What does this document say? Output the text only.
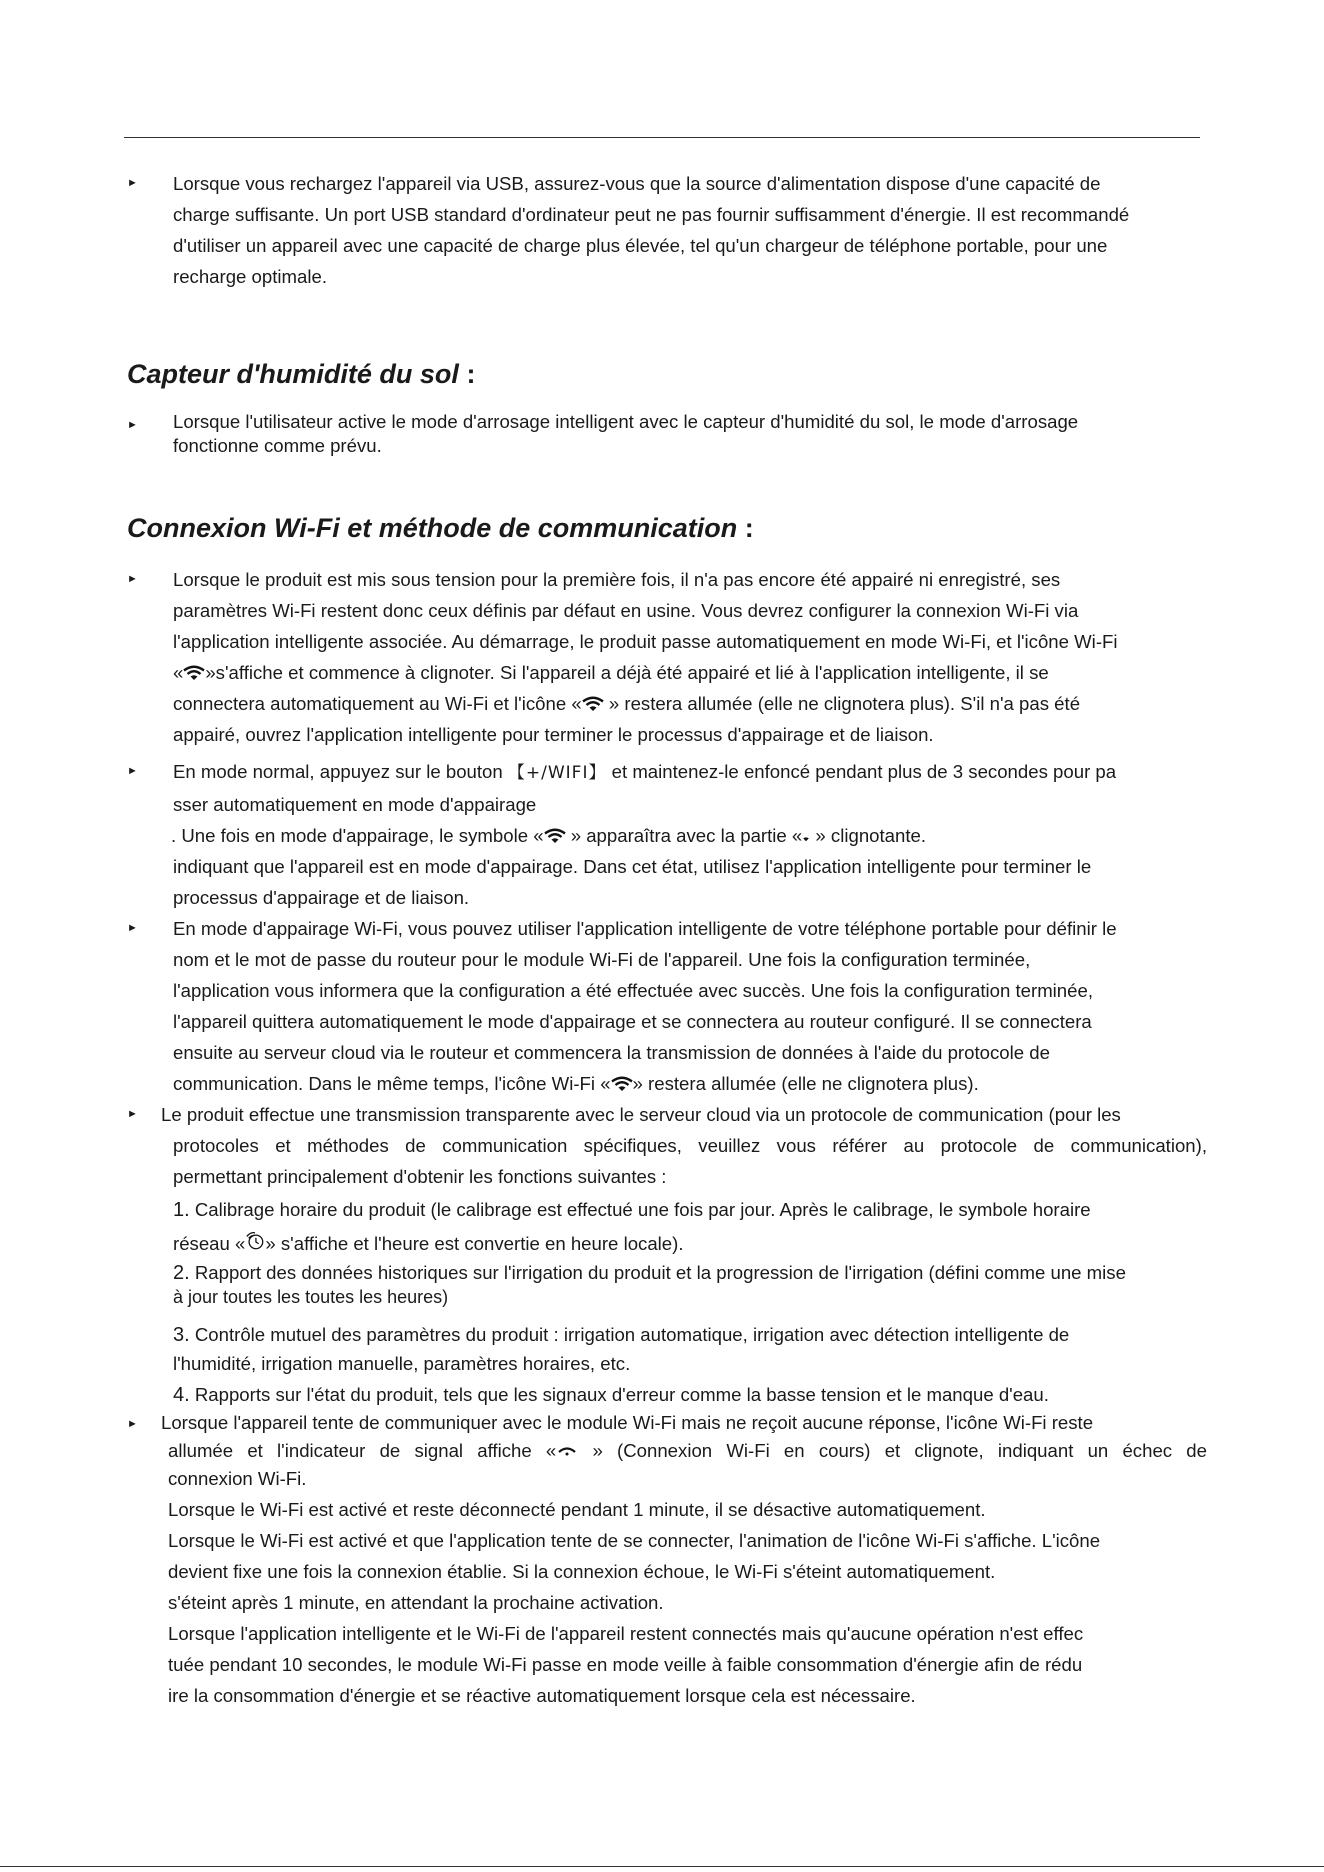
► Lorsque vous rechargez l'appareil via USB, assurez-vous que la source d'alimentation dispose d'une capacité de

charge suffisante. Un port USB standard d'ordinateur peut ne pas fournir suffisamment d'énergie. Il est recommandé

d'utiliser un appareil avec une capacité de charge plus élevée, tel qu'un chargeur de téléphone portable, pour une

recharge optimale.

Capteur d'humidité du sol :
► Lorsque l'utilisateur active le mode d'arrosage intelligent avec le capteur d'humidité du sol, le mode d'arrosage

fonctionne comme prévu.

Connexion Wi-Fi et méthode de communication :
► Lorsque le produit est mis sous tension pour la première fois, il n'a pas encore été appairé ni enregistré, ses

paramètres Wi-Fi restent donc ceux définis par défaut en usine. Vous devrez configurer la connexion Wi-Fi via

l'application intelligente associée. Au démarrage, le produit passe automatiquement en mode Wi-Fi, et l'icône Wi-Fi

« »s'affiche et commence à clignoter. Si l'appareil a déjà été appairé et lié à l'application intelligente, il se

connectera automatiquement au Wi-Fi et l'icône « » restera allumée (elle ne clignotera plus). S'il n'a pas été

appairé, ouvrez l'application intelligente pour terminer le processus d'appairage et de liaison.

► En mode normal, appuyez sur le bouton 【+/WIFI】 et maintenez-le enfoncé pendant plus de 3 secondes pour pa

sser automatiquement en mode d'appairage

. Une fois en mode d'appairage, le symbole « » apparaîtra avec la partie « » clignotante.

indiquant que l'appareil est en mode d'appairage. Dans cet état, utilisez l'application intelligente pour terminer le

processus d'appairage et de liaison.

► En mode d'appairage Wi-Fi, vous pouvez utiliser l'application intelligente de votre téléphone portable pour définir le

nom et le mot de passe du routeur pour le module Wi-Fi de l'appareil. Une fois la configuration terminée,

l'application vous informera que la configuration a été effectuée avec succès. Une fois la configuration terminée,

l'appareil quittera automatiquement le mode d'appairage et se connectera au routeur configuré. Il se connectera

ensuite au serveur cloud via le routeur et commencera la transmission de données à l'aide du protocole de

communication. Dans le même temps, l'icône Wi-Fi « » restera allumée (elle ne clignotera plus).

► Le produit effectue une transmission transparente avec le serveur cloud via un protocole de communication (pour les

protocoles et méthodes de communication spécifiques, veuillez vous référer au protocole de communication),

permettant principalement d'obtenir les fonctions suivantes :

1. Calibrage horaire du produit (le calibrage est effectué une fois par jour. Après le calibrage, le symbole horaire

réseau « » s'affiche et l'heure est convertie en heure locale).

2. Rapport des données historiques sur l'irrigation du produit et la progression de l'irrigation (défini comme une mise

à jour toutes les toutes les heures)

3. Contrôle mutuel des paramètres du produit : irrigation automatique, irrigation avec détection intelligente de

l'humidité, irrigation manuelle, paramètres horaires, etc.

4. Rapports sur l'état du produit, tels que les signaux d'erreur comme la basse tension et le manque d'eau.

► Lorsque l'appareil tente de communiquer avec le module Wi-Fi mais ne reçoit aucune réponse, l'icône Wi-Fi reste

allumée et l'indicateur de signal affiche « » (Connexion Wi-Fi en cours) et clignote, indiquant un échec de

connexion Wi-Fi.

Lorsque le Wi-Fi est activé et reste déconnecté pendant 1 minute, il se désactive automatiquement.

Lorsque le Wi-Fi est activé et que l'application tente de se connecter, l'animation de l'icône Wi-Fi s'affiche. L'icône

devient fixe une fois la connexion établie. Si la connexion échoue, le Wi-Fi s'éteint automatiquement.

s'éteint après 1 minute, en attendant la prochaine activation.

Lorsque l'application intelligente et le Wi-Fi de l'appareil restent connectés mais qu'aucune opération n'est effec

tuée pendant 10 secondes, le module Wi-Fi passe en mode veille à faible consommation d'énergie afin de rédu

ire la consommation d'énergie et se réactive automatiquement lorsque cela est nécessaire.
